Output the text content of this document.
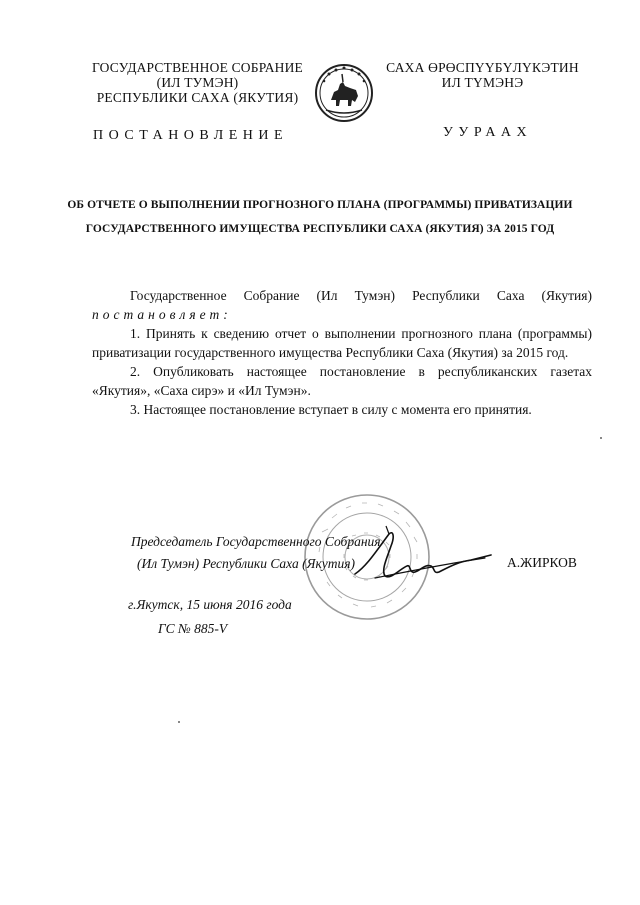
ГОСУДАРСТВЕННОЕ СОБРАНИЕ
(ИЛ ТУМЭН)
РЕСПУБЛИКИ САХА (ЯКУТИЯ)
САХА ӨРӨСПҮҮБҮЛҮКЭТИН
ИЛ ТҮМЭНЭ
ПОСТАНОВЛЕНИЕ	УУРААХ
ОБ ОТЧЕТЕ О ВЫПОЛНЕНИИ ПРОГНОЗНОГО ПЛАНА (ПРОГРАММЫ) ПРИВАТИЗАЦИИ
ГОСУДАРСТВЕННОГО ИМУЩЕСТВА РЕСПУБЛИКИ САХА (ЯКУТИЯ) ЗА 2015 ГОД
Государственное Собрание (Ил Тумэн) Республики Саха (Якутия)
постановляет:
1. Принять к сведению отчет о выполнении прогнозного плана (программы) приватизации государственного имущества Республики Саха (Якутия) за 2015 год.
2. Опубликовать настоящее постановление в республиканских газетах «Якутия», «Саха сирэ» и «Ил Тумэн».
3. Настоящее постановление вступает в силу с момента его принятия.
Председатель Государственного Собрания
(Ил Тумэн) Республики Саха (Якутия)	А.ЖИРКОВ
г.Якутск, 15 июня 2016 года
ГС № 885-V
